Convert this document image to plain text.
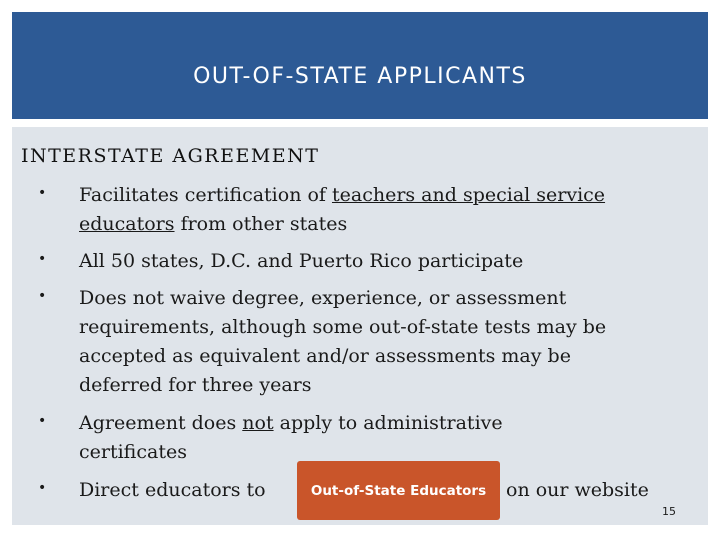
OUT-OF-STATE APPLICANTS
INTERSTATE AGREEMENT
• Facilitates certification of teachers and special service
educators from other states
• All 50 states, D.C. and Puerto Rico participate
• Does not waive degree, experience, or assessment
requirements, although some out-of-state tests may be
accepted as equivalent and/or assessments may be
deferred for three years
• Agreement does not apply to administrative
certificates
• Direct educators to	on our website
Out-of-State Educators
15
